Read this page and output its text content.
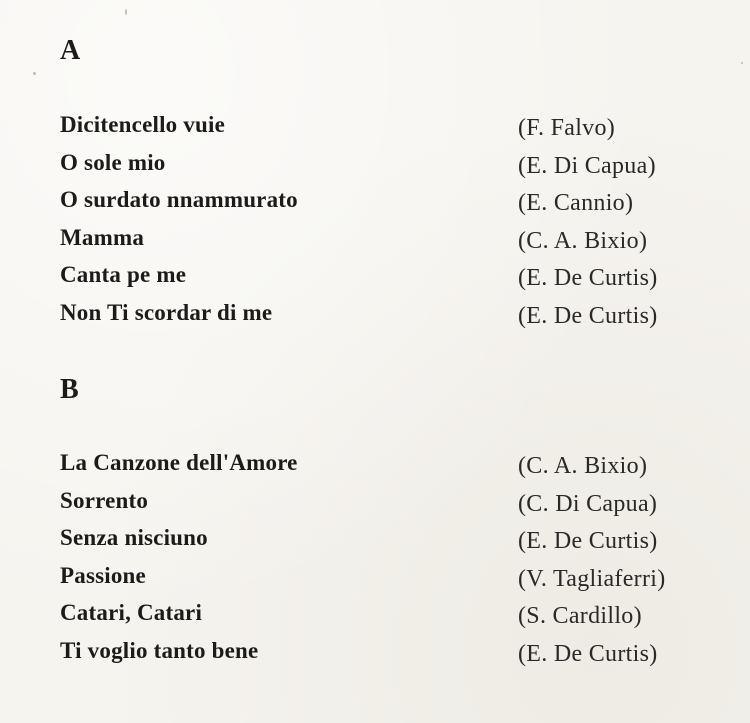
A
Dicitencello vuie	(F. Falvo)
O sole mio	(E. Di Capua)
O surdato nnammurato	(E. Cannio)
Mamma	(C. A. Bixio)
Canta pe me	(E. De Curtis)
Non Ti scordar di me	(E. De Curtis)
B
La Canzone dell'Amore	(C. A. Bixio)
Sorrento	(C. Di Capua)
Senza nisciuno	(E. De Curtis)
Passione	(V. Tagliaferri)
Catari, Catari	(S. Cardillo)
Ti voglio tanto bene	(E. De Curtis)
